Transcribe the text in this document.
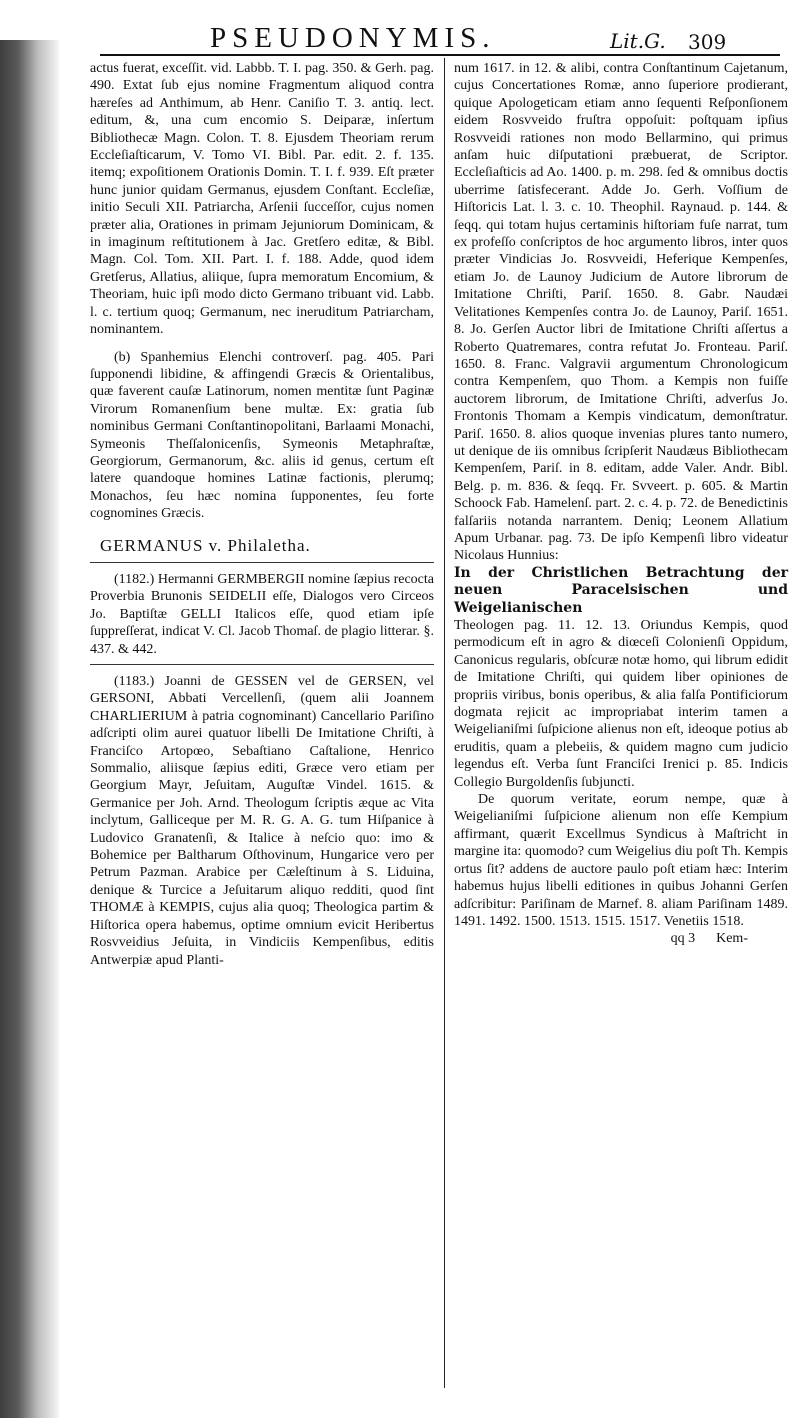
PSEUDONYMIS.	Lit.G. 309

actus fuerat, exceſſit. vid. Labbb. T. I. pag. 350. & Gerh. pag. 490. Extat ſub ejus nomine Fragmentum aliquod contra hæreſes ad Anthimum, ab Henr. Caniſio T. 3. antiq. lect. editum, &, una cum encomio S. Deiparæ, inſertum Bibliothecæ Magn. Colon. T. 8. Ejusdem Theoriam rerum Eccleſiaſticarum, V. Tomo VI. Bibl. Par. edit. 2. f. 135. itemq; expoſitionem Orationis Domin. T. I. f. 939. Eſt præter hunc junior quidam Germanus, ejusdem Conſtant. Eccleſiæ, initio Seculi XII. Patriarcha, Arſenii ſucceſſor, cujus nomen præter alia, Orationes in primam Jejuniorum Dominicam, & in imaginum reſtitutionem à Jac. Gretſero editæ, & Bibl. Magn. Col. Tom. XII. Part. I. f. 188. Adde, quod idem Gretſerus, Allatius, aliique, ſupra memoratum Encomium, & Theoriam, huic ipſi modo dicto Germano tribuant vid. Labb. l. c. tertium quoq; Germanum, nec ineruditum Patriarcham, nominantem.

(b) Spanhemius Elenchi controverſ. pag. 405. Pari ſupponendi libidine, & affingendi Græcis & Orientalibus, quæ faverent cauſæ Latinorum, nomen mentitæ ſunt Paginæ Virorum Romanenſium bene multæ. Ex: gratia ſub nominibus Germani Conſtantinopolitani, Barlaami Monachi, Symeonis Theſſalonicenſis, Symeonis Metaphraſtæ, Georgiorum, Germanorum, &c. aliis id genus, certum eſt latere quandoque homines Latinæ factionis, plerumq; Monachos, ſeu hæc nomina ſupponentes, ſeu forte cognomines Græcis.

GERMANUS v. Philaletha.

(1182.) Hermanni GERMBERGII nomine ſæpius recocta Proverbia Brunonis SEIDELII eſſe, Dialogos vero Circeos Jo. Baptiſtæ GELLI Italicos eſſe, quod etiam ipſe ſuppreſſerat, indicat V. Cl. Jacob Thomaſ. de plagio litterar. §. 437. & 442.

(1183.) Joanni de GESSEN vel de GERSEN, vel GERSONI, Abbati Vercellenſi, (quem alii Joannem CHARLIERIUM à patria cognominant) Cancellario Pariſino adſcripti olim aurei quatuor libelli De Imitatione Chriſti, à Franciſco Artopœo, Sebaſtiano Caſtalione, Henrico Sommalio, aliisque ſæpius editi, Græce vero etiam per Georgium Mayr, Jeſuitam, Auguſtæ Vindel. 1615. & Germanice per Joh. Arnd. Theologum ſcriptis æque ac Vita inclytum, Galliceque per M. R. G. A. G. tum Hiſpanice à Ludovico Granatenſi, & Italice à neſcio quo: imo & Bohemice per Baltharum Oſthovinum, Hungarice vero per Petrum Pazman. Arabice per Cæleſtinum à S. Liduina, denique & Turcice a Jeſuitarum aliquo redditi, quod ſint THOMÆ à KEMPIS, cujus alia quoq; Theologica partim & Hiſtorica opera habemus, optime omnium evicit Heribertus Rosvveidius Jeſuita, in Vindiciis Kempenſibus, editis Antwerpiæ apud Planti-

num 1617. in 12. & alibi, contra Conſtantinum Cajetanum, cujus Concertationes Romæ, anno ſuperiore prodierant, quique Apologeticam etiam anno ſequenti Reſponſionem eidem Rosvveido fruſtra oppoſuit: poſtquam ipſius Rosvveidi rationes non modo Bellarmino, qui primus anſam huic diſputationi præbuerat, de Scriptor. Eccleſiaſticis ad Ao. 1400. p. m. 298. ſed & omnibus doctis uberrime ſatisfecerant. Adde Jo. Gerh. Voſſium de Hiſtoricis Lat. l. 3. c. 10. Theophil. Raynaud. p. 144. & ſeqq. qui totam hujus certaminis hiſtoriam fuſe narrat, tum ex profeſſo conſcriptos de hoc argumento libros, inter quos præter Vindicias Jo. Rosvveidi, Heferique Kempenſes, etiam Jo. de Launoy Judicium de Autore librorum de Imitatione Chriſti, Pariſ. 1650. 8. Gabr. Naudæi Velitationes Kempenſes contra Jo. de Launoy, Pariſ. 1651. 8. Jo. Gerſen Auctor libri de Imitatione Chriſti aſſertus a Roberto Quatremares, contra refutat Jo. Fronteau. Pariſ. 1650. 8. Franc. Valgravii argumentum Chronologicum contra Kempenſem, quo Thom. a Kempis non fuiſſe auctorem librorum, de Imitatione Chriſti, adverſus Jo. Frontonis Thomam a Kempis vindicatum, demonſtratur. Pariſ. 1650. 8. alios quoque invenias plures tanto numero, ut denique de iis omnibus ſcripſerit Naudæus Bibliothecam Kempenſem, Pariſ. in 8. editam, adde Valer. Andr. Bibl. Belg. p. m. 836. & ſeqq. Fr. Svveert. p. 605. & Martin Schoock Fab. Hamelenſ. part. 2. c. 4. p. 72. de Benedictinis falſariis notanda narrantem. Deniq; Leonem Allatium Apum Urbanar. pag. 73. De ipſo Kempenſi libro videatur Nicolaus Hunnius:

In der Christlichen Betrachtung der neuen Paracelsischen und Weigelianischen

Theologen pag. 11. 12. 13. Oriundus Kempis, quod permodicum eſt in agro & diœceſi Colonienſi Oppidum, Canonicus regularis, obſcuræ notæ homo, qui librum edidit de Imitatione Chriſti, qui quidem liber opiniones de propriis viribus, bonis operibus, & alia falſa Pontificiorum dogmata rejicit ac impropriabat interim tamen a Weigelianiſmi ſuſpicione alienus non eſt, ideoque potius ab eruditis, quam a plebeiis, & quidem magno cum judicio legendus eſt. Verba ſunt Franciſci Irenici p. 85. Indicis Collegio Burgoldenſis ſubjuncti.

De quorum veritate, eorum nempe, quæ à Weigelianiſmi ſuſpicione alienum non eſſe Kempium affirmant, quærit Excellmus Syndicus à Maſtricht in margine ita: quomodo? cum Weigelius diu poſt Th. Kempis ortus ſit? addens de auctore paulo poſt etiam hæc: Interim habemus hujus libelli editiones in quibus Johanni Gerſen adſcribitur: Pariſinam de Marnef. 8. aliam Pariſinam 1489. 1491. 1492. 1500. 1513. 1515. 1517. Venetiis 1518.

qq 3 Kem-
